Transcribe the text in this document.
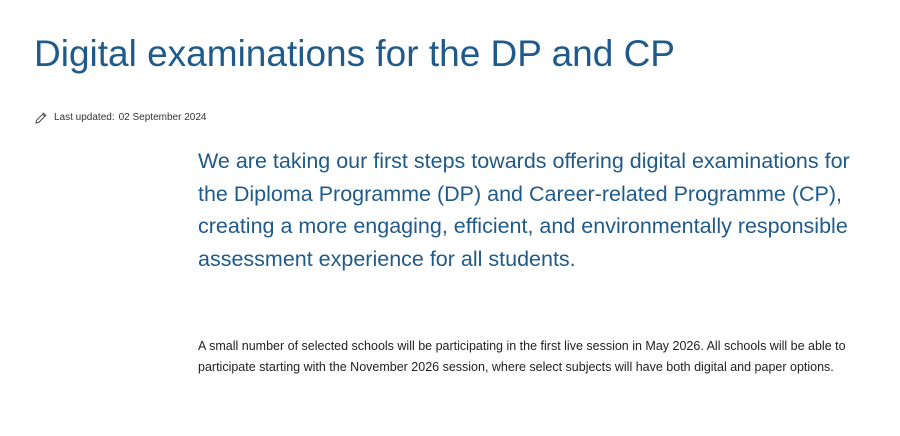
Digital examinations for the DP and CP
Last updated: 02 September 2024

We are taking our first steps towards offering digital examinations for the Diploma Programme (DP) and Career-related Programme (CP), creating a more engaging, efficient, and environmentally responsible assessment experience for all students.

A small number of selected schools will be participating in the first live session in May 2026. All schools will be able to participate starting with the November 2026 session, where select subjects will have both digital and paper options.
